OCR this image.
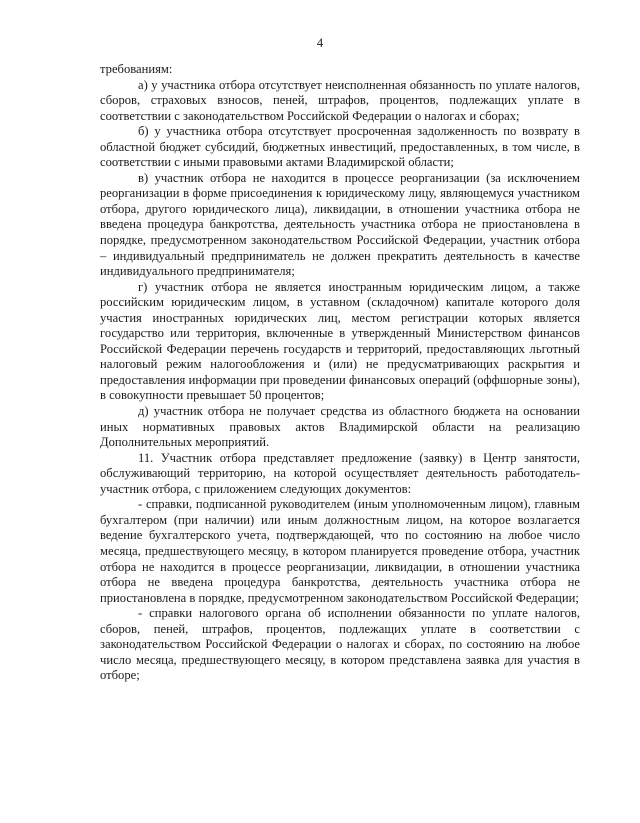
4

требованиям:

а) у участника отбора отсутствует неисполненная обязанность по уплате налогов, сборов, страховых взносов, пеней, штрафов, процентов, подлежащих уплате в соответствии с законодательством Российской Федерации о налогах и сборах;

б) у участника отбора отсутствует просроченная задолженность по возврату в областной бюджет субсидий, бюджетных инвестиций, предоставленных, в том числе, в соответствии с иными правовыми актами Владимирской области;

в) участник отбора не находится в процессе реорганизации (за исключением реорганизации в форме присоединения к юридическому лицу, являющемуся участником отбора, другого юридического лица), ликвидации, в отношении участника отбора не введена процедура банкротства, деятельность участника отбора не приостановлена в порядке, предусмотренном законодательством Российской Федерации, участник отбора – индивидуальный предприниматель не должен прекратить деятельность в качестве индивидуального предпринимателя;

г) участник отбора не является иностранным юридическим лицом, а также российским юридическим лицом, в уставном (складочном) капитале которого доля участия иностранных юридических лиц, местом регистрации которых является государство или территория, включенные в утвержденный Министерством финансов Российской Федерации перечень государств и территорий, предоставляющих льготный налоговый режим налогообложения и (или) не предусматривающих раскрытия и предоставления информации при проведении финансовых операций (оффшорные зоны), в совокупности превышает 50 процентов;

д) участник отбора не получает средства из областного бюджета на основании иных нормативных правовых актов Владимирской области на реализацию Дополнительных мероприятий.

11. Участник отбора представляет предложение (заявку) в Центр занятости, обслуживающий территорию, на которой осуществляет деятельность работодатель-участник отбора, с приложением следующих документов:

- справки, подписанной руководителем (иным уполномоченным лицом), главным бухгалтером (при наличии) или иным должностным лицом, на которое возлагается ведение бухгалтерского учета, подтверждающей, что по состоянию на любое число месяца, предшествующего месяцу, в котором планируется проведение отбора, участник отбора не находится в процессе реорганизации, ликвидации, в отношении участника отбора не введена процедура банкротства, деятельность участника отбора не приостановлена в порядке, предусмотренном законодательством Российской Федерации;

- справки налогового органа об исполнении обязанности по уплате налогов, сборов, пеней, штрафов, процентов, подлежащих уплате в соответствии с законодательством Российской Федерации о налогах и сборах, по состоянию на любое число месяца, предшествующего месяцу, в котором представлена заявка для участия в отборе;
